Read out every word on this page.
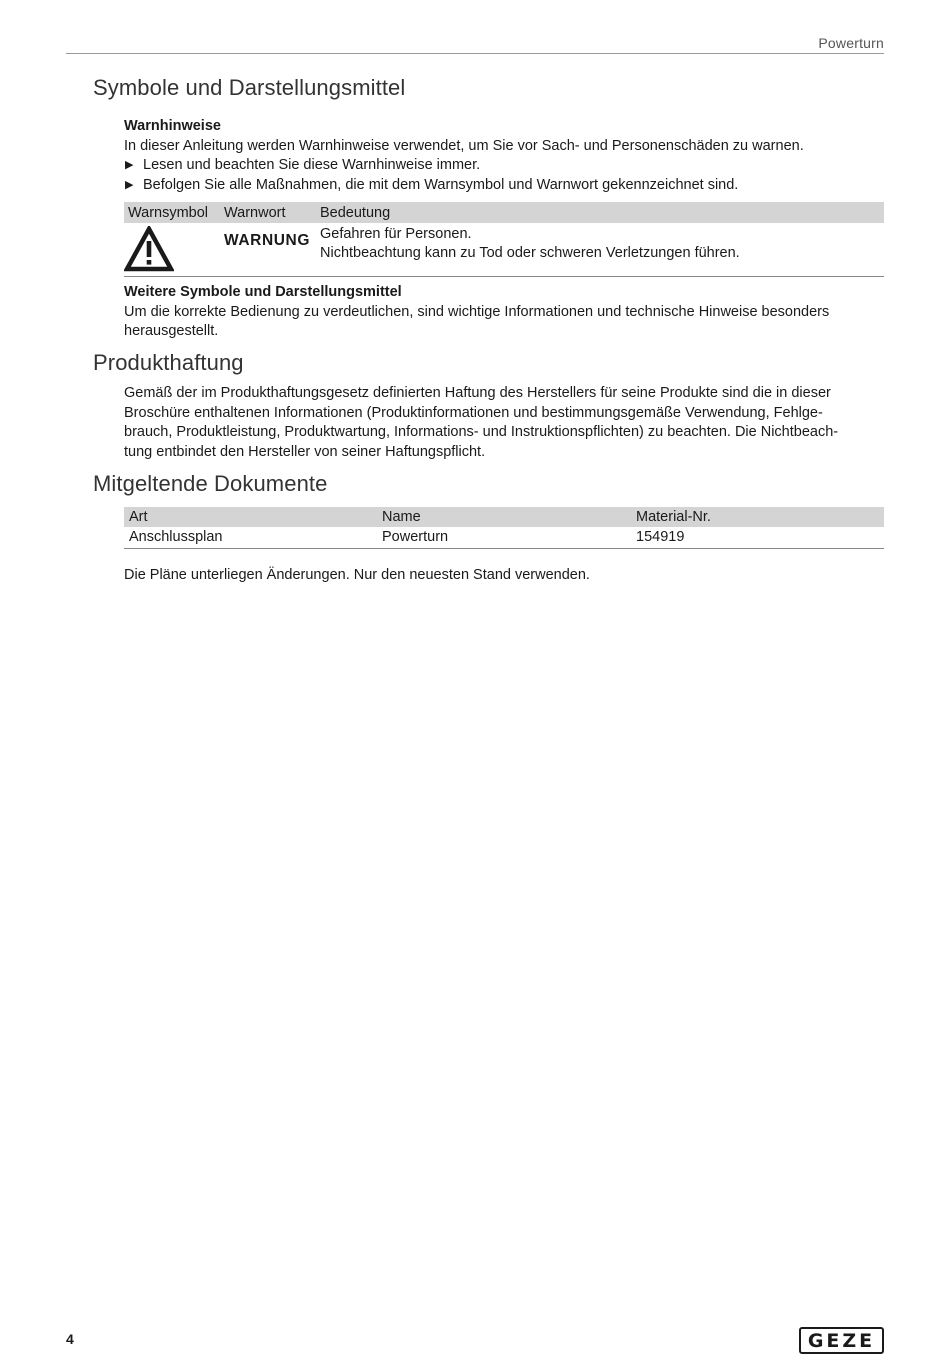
Powerturn
Symbole und Darstellungsmittel
Warnhinweise
In dieser Anleitung werden Warnhinweise verwendet, um Sie vor Sach- und Personenschäden zu warnen.
▶ Lesen und beachten Sie diese Warnhinweise immer.
▶ Befolgen Sie alle Maßnahmen, die mit dem Warnsymbol und Warnwort gekennzeichnet sind.
Warnsymbol	Warnwort	Bedeutung
	WARNUNG	Gefahren für Personen.
Nichtbeachtung kann zu Tod oder schweren Verletzungen führen.
Weitere Symbole und Darstellungsmittel
Um die korrekte Bedienung zu verdeutlichen, sind wichtige Informationen und technische Hinweise besonders
herausgestellt.
Produkthaftung
Gemäß der im Produkthaftungsgesetz definierten Haftung des Herstellers für seine Produkte sind die in dieser
Broschüre enthaltenen Informationen (Produktinformationen und bestimmungsgemäße Verwendung, Fehlge-
brauch, Produktleistung, Produktwartung, Informations- und Instruktionspflichten) zu beachten. Die Nichtbeach-
tung entbindet den Hersteller von seiner Haftungspflicht.
Mitgeltende Dokumente
Art	Name	Material-Nr.
Anschlussplan	Powerturn	154919
Die Pläne unterliegen Änderungen. Nur den neuesten Stand verwenden.
4	GEZE
